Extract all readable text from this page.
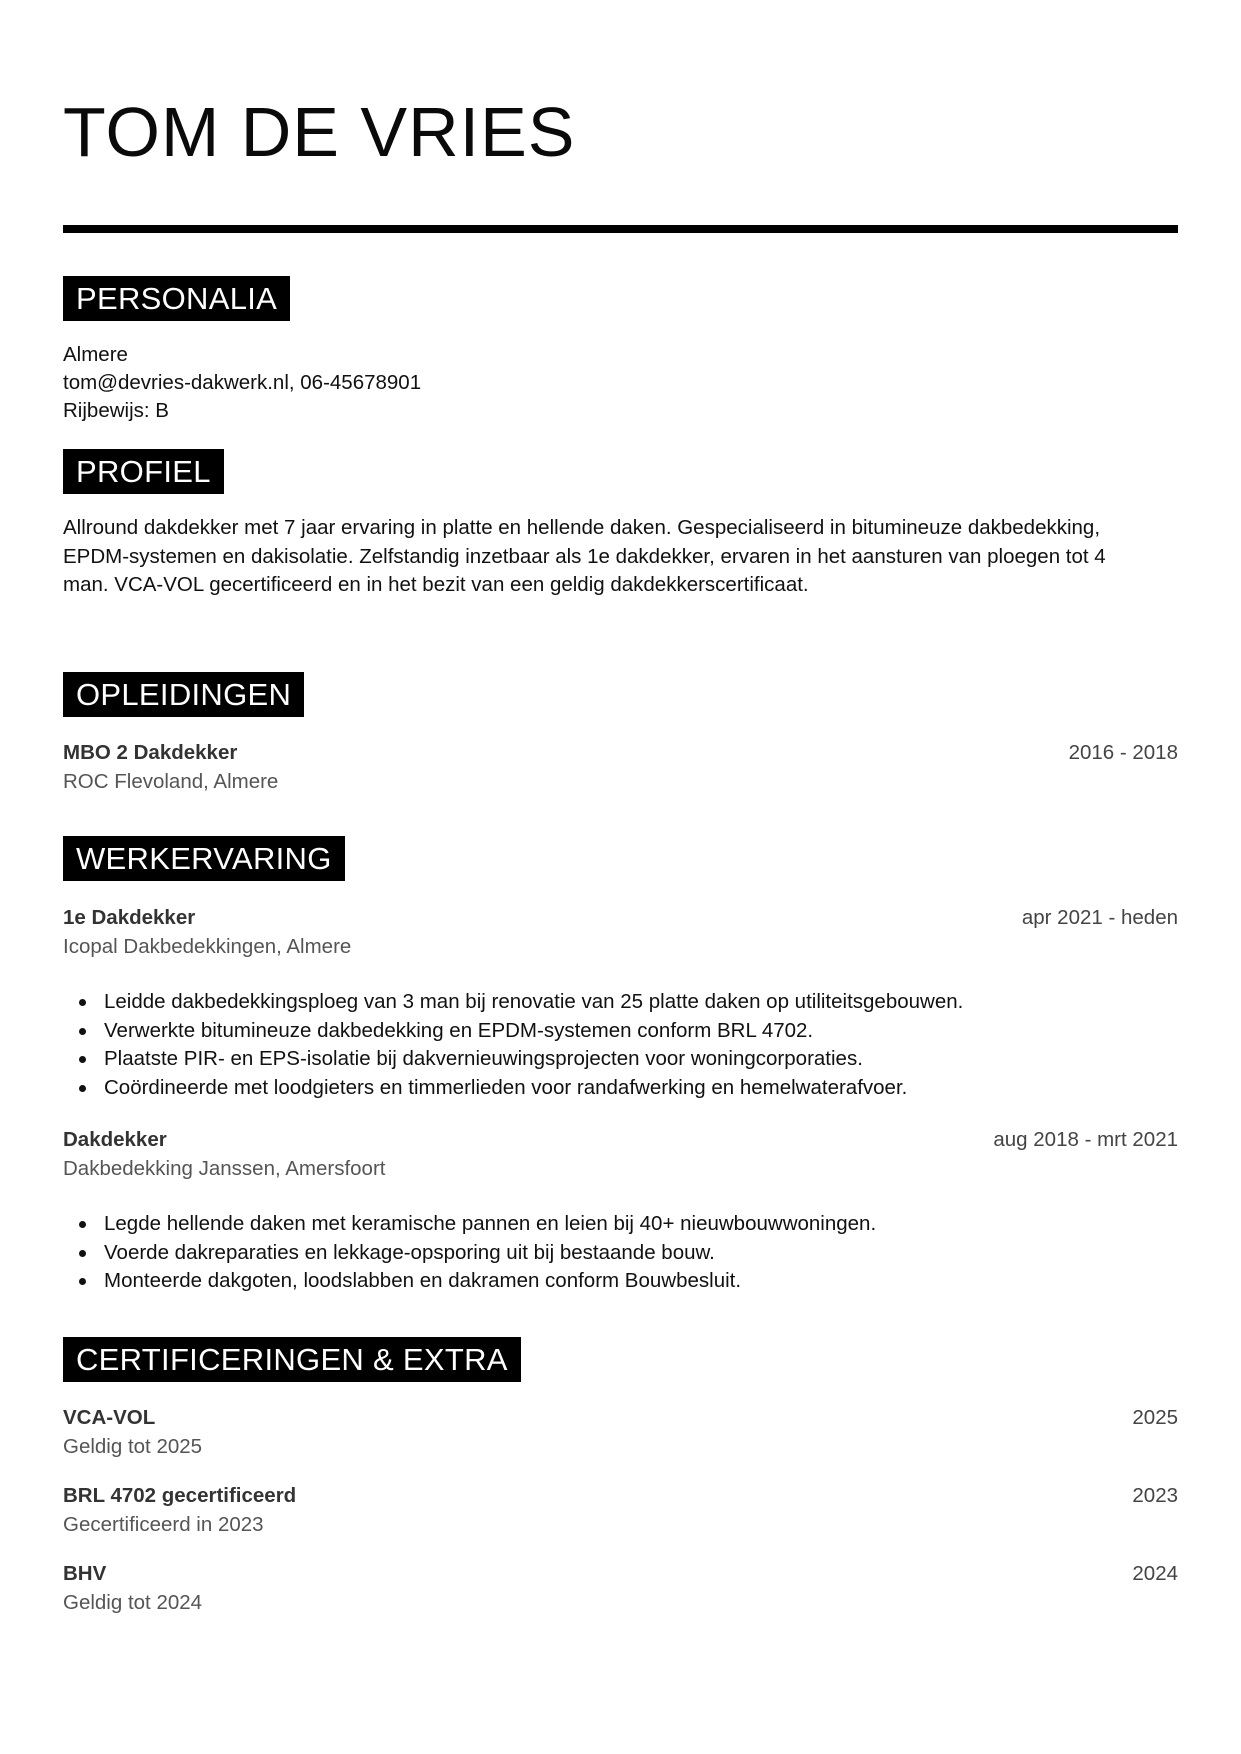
TOM DE VRIES
PERSONALIA
Almere
tom@devries-dakwerk.nl, 06-45678901
Rijbewijs: B
PROFIEL
Allround dakdekker met 7 jaar ervaring in platte en hellende daken. Gespecialiseerd in bitumineuze dakbedekking, EPDM-systemen en dakisolatie. Zelfstandig inzetbaar als 1e dakdekker, ervaren in het aansturen van ploegen tot 4 man. VCA-VOL gecertificeerd en in het bezit van een geldig dakdekkerscertificaat.
OPLEIDINGEN
MBO 2 Dakdekker
ROC Flevoland, Almere
2016 - 2018
WERKERVARING
1e Dakdekker
Icopal Dakbedekkingen, Almere
apr 2021 - heden
Leidde dakbedekkingsploeg van 3 man bij renovatie van 25 platte daken op utiliteitsgebouwen.
Verwerkte bitumineuze dakbedekking en EPDM-systemen conform BRL 4702.
Plaatste PIR- en EPS-isolatie bij dakvernieuwingsprojecten voor woningcorporaties.
Coördineerde met loodgieters en timmerlieden voor randafwerking en hemelwaterafvoer.
Dakdekker
Dakbedekking Janssen, Amersfoort
aug 2018 - mrt 2021
Legde hellende daken met keramische pannen en leien bij 40+ nieuwbouwwoningen.
Voerde dakreparaties en lekkage-opsporing uit bij bestaande bouw.
Monteerde dakgoten, loodslabben en dakramen conform Bouwbesluit.
CERTIFICERINGEN & EXTRA
VCA-VOL
Geldig tot 2025
2025
BRL 4702 gecertificeerd
Gecertificeerd in 2023
2023
BHV
Geldig tot 2024
2024
